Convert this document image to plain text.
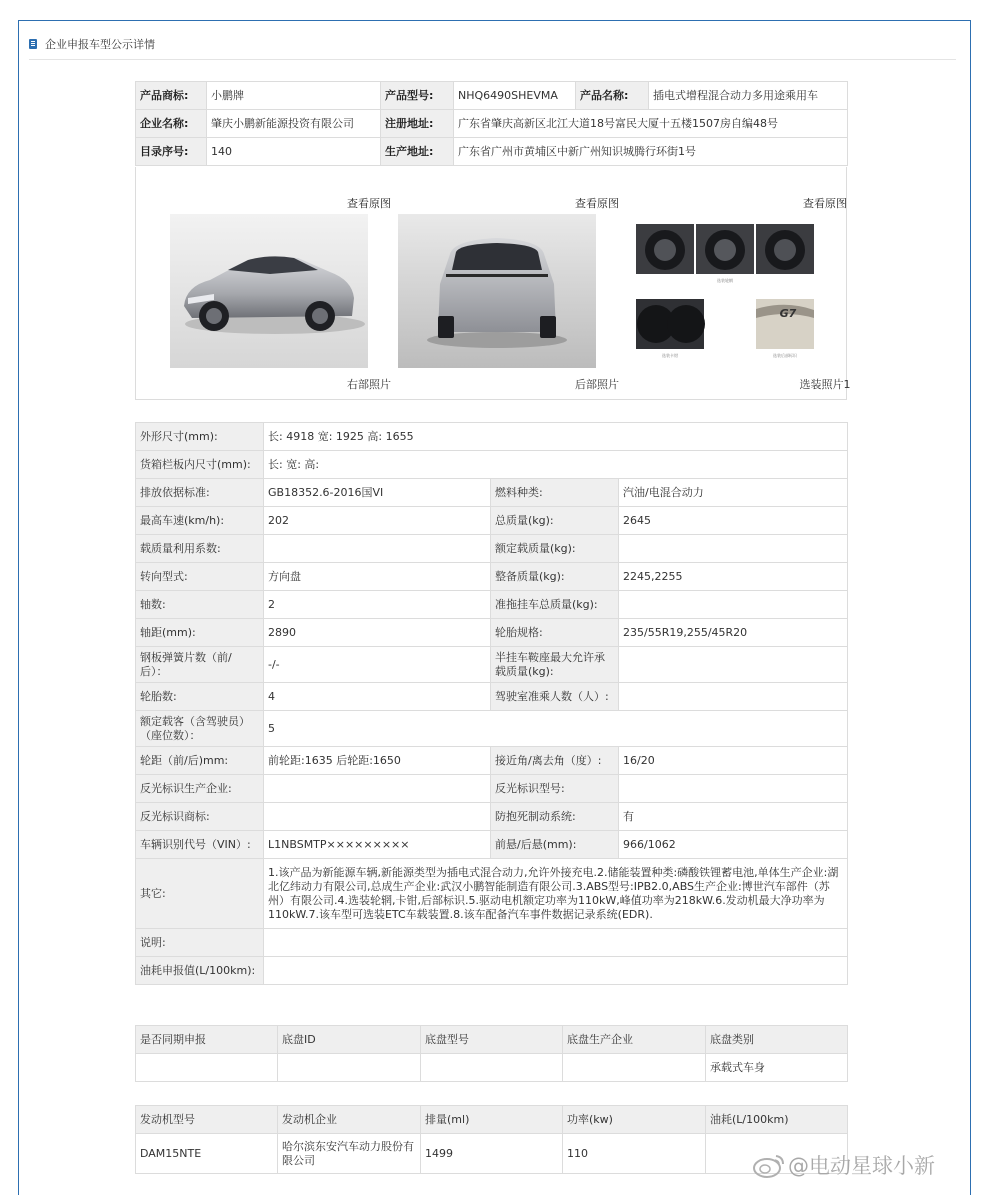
企业申报车型公示详情
产品商标:	小鹏牌	产品型号:	NHQ6490SHEVMA	产品名称:	插电式增程混合动力多用途乘用车
企业名称:	肇庆小鹏新能源投资有限公司	注册地址:	广东省肇庆高新区北江大道18号富民大厦十五楼1507房自编48号		
目录序号:	140	生产地址:	广东省广州市黄埔区中新广州知识城腾行环街1号		
查看原图
右部照片
查看原图
后部照片
查看原图
选装轮辋
选装卡钳
G7
选装后部标识
选装照片1
外形尺寸(mm):	长: 4918 宽: 1925 高: 1655		
货箱栏板内尺寸(mm):	长: 宽: 高:		
排放依据标准:	GB18352.6-2016国VI	燃料种类:	汽油/电混合动力
最高车速(km/h):	202	总质量(kg):	2645
载质量利用系数:		额定载质量(kg):	
转向型式:	方向盘	整备质量(kg):	2245,2255
轴数:	2	准拖挂车总质量(kg):	
轴距(mm):	2890	轮胎规格:	235/55R19,255/45R20
钢板弹簧片数（前/后）：	-/-	半挂车鞍座最大允许承载质量(kg):	
轮胎数:	4	驾驶室准乘人数（人）:	
额定载客（含驾驶员）（座位数）：	5		
轮距（前/后)mm:	前轮距:1635 后轮距:1650	接近角/离去角（度）:	16/20
反光标识生产企业:		反光标识型号:	
反光标识商标:		防抱死制动系统:	有
车辆识别代号（VIN）:	L1NBSMTP×××××××××	前悬/后悬(mm):	966/1062
其它:	1.该产品为新能源车辆,新能源类型为插电式混合动力,允许外接充电.2.储能装置种类:磷酸铁锂蓄电池,单体生产企业:湖北亿纬动力有限公司,总成生产企业:武汉小鹏智能制造有限公司.3.ABS型号:IPB2.0,ABS生产企业:博世汽车部件（苏州）有限公司.4.选装轮辋,卡钳,后部标识.5.驱动电机额定功率为110kW,峰值功率为218kW.6.发动机最大净功率为110kW.7.该车型可选装ETC车载装置.8.该车配备汽车事件数据记录系统(EDR).		
说明:			
油耗申报值(L/100km):			
是否同期申报	底盘ID	底盘型号	底盘生产企业	底盘类别
				承载式车身
发动机型号	发动机企业	排量(ml)	功率(kw)	油耗(L/100km)
DAM15NTE	哈尔滨东安汽车动力股份有限公司	1499	110	
@电动星球小新
